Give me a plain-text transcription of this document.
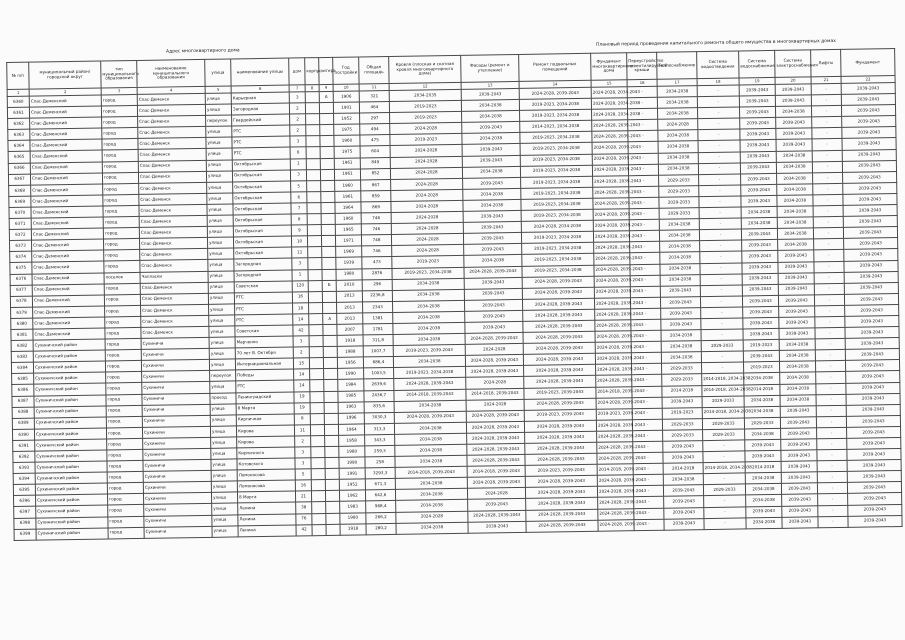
Адрес многоквартирного дома
Плановый период проведения капитального ремонта общего имущества в многоквартирных домах
№ п/п	муниципальный район/городской округ	тип муниципального образования	наименование муниципального образования	улица	наименование улицы	дом	корпус	литера	Год постройки	Общая площадь	Кровля (плоская и скатная кровля многоквартирного дома)	Фасады (ремонт и утепление)	Ремонт подвальных помещений	Фундамент многоквартирного дома	Переустройство невентилируемой крыши	Теплоснабжение	Система водоотведения	Система водоснабжения	Система электроснабжения	Лифты	Фундамент
1	2	3	4	5	6	7	8	9	10	11	12	13	14	15	16	17	18	19	20	21	22
6360	Спас-Деменский	город	Спас-Деменск	улица	Карьерная	3		А	1906	321	2034-2035	2039-2043	2024-2028, 2039-2043	2024-2028, 2034-2043	-	2034-2038	-	2039-2043	2039-2043	-	2039-2043
6361	Спас-Деменский	город	Спас-Деменск	улица	Загородная	2			1901	464	2019-2023	2034-2038	2019-2023, 2034-2038	2024-2028, 2034-2038	-	2034-2038	-	2039-2043	2039-2043	-	2039-2043
6362	Спас-Деменский	город	Спас-Деменск	переулок	Гвардейский	2			1952	297	2019-2023	2034-2038	2019-2023, 2034-2038	2024-2028, 2034-2038	-	2034-2038	-	2039-2043	2034-2038	-	2039-2043
6363	Спас-Деменский	город	Спас-Деменск	улица	РТС	2			1975	494	2024-2028	2039-2043	2014-2023, 2034-2038	2024-2028, 2039-2043	-	2024-2028	-	2039-2043	2039-2043	-	2039-2043
6364	Спас-Деменский	город	Спас-Деменск	улица	РТС	3			1960	475	2019-2023	2034-2038	2019-2023, 2034-2038	2024-2028, 2039-2043	-	2034-2038	-	2039-2043	2039-2043	-	2039-2043
6365	Спас-Деменский	город	Спас-Деменск	улица	РТС	6			1975	604	2024-2028	2039-2043	2019-2023, 2034-2038	2024-2028, 2039-2043	-	2034-2038	-	2039-2043	2039-2043	-	2039-2043
6366	Спас-Деменский	город	Спас-Деменск	улица	Октябрьская	1			1961	849	2024-2028	2039-2043	2019-2023, 2034-2038	2024-2028, 2039-2043	-	2034-2038	-	2039-2043	2034-2038	-	2039-2043
6367	Спас-Деменский	город	Спас-Деменск	улица	Октябрьская	3			1961	852	2024-2028	2034-2038	2019-2023, 2034-2038	2024-2028, 2039-2043	-	2034-2038	-	2039-2043	2034-2038	-	2039-2043
6368	Спас-Деменский	город	Спас-Деменск	улица	Октябрьская	5			1960	867	2024-2028	2039-2043	2019-2023, 2034-2038	2024-2028, 2039-2043	-	2029-2033	-	2039-2043	2034-2038	-	2039-2043
6369	Спас-Деменский	город	Спас-Деменск	улица	Октябрьская	6			1961	859	2024-2028	2034-2038	2019-2023, 2034-2038	2024-2028, 2039-2043	-	2029-2033	-	2039-2043	2034-2038	-	2039-2043
6370	Спас-Деменский	город	Спас-Деменск	улица	Октябрьская	7			1964	869	2024-2028	2034-2038	2019-2023, 2034-2038	2024-2028, 2039-2043	-	2029-2033	-	2039-2043	2034-2038	-	2039-2043
6371	Спас-Деменский	город	Спас-Деменск	улица	Октябрьская	8			1960	746	2024-2028	2039-2043	2019-2023, 2034-2038	2024-2028, 2039-2043	-	2029-2033	-	2034-2038	2034-2038	-	2039-2043
6372	Спас-Деменский	город	Спас-Деменск	улица	Октябрьская	9			1965	746	2024-2028	2039-2043	2024-2028, 2034-2038	2024-2028, 2039-2043	-	2034-2038	-	2034-2038	2034-2038	-	2039-2043
6373	Спас-Деменский	город	Спас-Деменск	улица	Октябрьская	10			1971	748	2024-2028	2039-2043	2019-2023, 2034-2038	2024-2028, 2039-2043	-	2034-2038	-	2039-2043	2034-2038	-	2039-2043
6374	Спас-Деменский	город	Спас-Деменск	улица	Октябрьская	11			1969	746	2024-2028	2039-2043	2019-2023, 2034-2038	2024-2028, 2039-2043	-	2034-2038	-	2039-2043	2034-2038	-	2039-2043
6375	Спас-Деменский	город	Спас-Деменск	улица	Загородная	3			1939	473	2019-2023	2034-2038	2019-2023, 2034-2038	2024-2028, 2039-2043	-	2034-2038	-	2039-2043	2039-2043	-	2039-2043
6376	Спас-Деменский	поселок	Чапласки	улица	Загородная	1			1980	2876	2019-2023, 2034-2038	2024-2028, 2039-2043	2019-2023, 2034-2038	2024-2028, 2039-2043	-	2034-2038	-	2039-2043	2039-2043	-	2039-2043
6377	Спас-Деменский	город	Спас-Деменск	улица	Советская	120		Б	2010	296	2034-2038	2039-2043	2024-2028, 2039-2043	2024-2028, 2039-2043	-	2034-2038	-	2039-2043	2039-2043	-	2039-2043
6378	Спас-Деменский	город	Спас-Деменск	улица	РТС	16			2013	2236,8	2034-2038	2039-2043	2024-2028, 2039-2043	2024-2028, 2039-2043	-	2039-2043	-	2039-2043	2039-2043	-	2039-2043
6379	Спас-Деменский	город	Спас-Деменск	улица	РТС	18			2013	2343	2034-2038	2039-2043	2024-2028, 2039-2043	2024-2028, 2039-2043	-	2039-2043	-	2039-2043	2039-2043	-	2039-2043
6380	Спас-Деменский	город	Спас-Деменск	улица	РТС	14		А	2013	1381	2034-2038	2039-2043	2024-2028, 2039-2043	2024-2028, 2039-2043	-	2039-2043	-	2039-2043	2039-2043	-	2039-2043
6381	Спас-Деменский	город	Спас-Деменск	улица	Советская	42			2007	1781	2034-2038	2039-2043	2024-2028, 2039-2043	2024-2028, 2039-2043	-	2039-2043	-	2039-2043	2039-2043	-	2039-2043
6382	Сухиничский район	город	Сухиничи	улица	Марченко	3			1918	311,8	2034-2038	2024-2028, 2039-2043	2024-2028, 2039-2043	2024-2028, 2039-2043	-	2034-2038	-	2039-2043	2039-2043	-	2039-2043
6383	Сухиничский район	город	Сухиничи	улица	70 лет В. Октября	2			1988	1007,7	2019-2023, 2039-2043	2024-2028	2024-2028, 2039-2043	2024-2028, 2039-2043	-	2034-2038	2029-2033	2019-2023	2034-2038	-	2039-2043
6384	Сухиничский район	город	Сухиничи	улица	Интернациональная	15			1956	686,4	2034-2038	2024-2028, 2039-2043	2024-2028, 2039-2043	2024-2028, 2039-2043	-	2034-2038	-	2039-2043	2034-2038	-	2039-2043
6385	Сухиничский район	город	Сухиничи	переулок	Победы	14			1990	1003,5	2019-2023, 2034-2038	2024-2028, 2039-2043	2024-2028, 2039-2043	2024-2028, 2039-2043	-	2029-2033	-	2019-2023	2034-2038	-	2039-2043
6386	Сухиничский район	город	Сухиничи	улица	РТС	14			1984	2639,6	2024-2028, 2039-2043	2024-2028	2024-2028, 2039-2043	2024-2028, 2039-2043	-	2029-2033	2014-2018, 2034-2038	2034-2038	2034-2038	-	2039-2043
6387	Сухиничский район	город	Сухиничи	проезд	Ленинградский	19			1985	2436,7	2014-2018, 2039-2043	2014-2018, 2039-2043	2019-2023, 2039-2043	2014-2018, 2039-2043	-	2014-2018	2014-2018, 2034-2038	2014-2018	2034-2038	-	2039-2043
6388	Сухиничский район	город	Сухиничи	улица	8 Марта	19			1963	835,6	2034-2038	2024-2028	2024-2028, 2039-2043	2024-2028, 2039-2043	-	2039-2043	2029-2033	2034-2038	2034-2038	-	2039-2043
6389	Сухиничский район	город	Сухиничи	улица	Кирпичная	8			1996	3030,3	2024-2028, 2039-2043	2024-2028, 2039-2043	2019-2023, 2039-2043	2019-2023, 2039-2043	-	2019-2023	2014-2018, 2034-2038	2034-2038	2039-2043	-	2039-2043
6390	Сухиничский район	город	Сухиничи	улица	Кирова	11			1964	313,3	2034-2038	2024-2028, 2039-2043	2024-2028, 2039-2043	2024-2028, 2039-2043	-	2029-2033	2029-2033	2029-2033	2039-2043	-	2039-2043
6391	Сухиничский район	город	Сухиничи	улица	Кирова	2			1958	343,3	2034-2038	2024-2028, 2039-2043	2024-2028, 2039-2043	2024-2028, 2039-2043	-	2029-2033	2029-2033	2034-2038	2039-2043	-	2039-2043
6392	Сухиничский район	город	Сухиничи	улица	Кирпичного	3			1980	259,3	2034-2038	2024-2028, 2039-2043	2024-2028, 2039-2043	2024-2028, 2039-2043	-	2039-2043	-	2039-2043	2039-2043	-	2039-2043
6393	Сухиничский район	город	Сухиничи	улица	Котовского	3			1990	258	2034-2038	2024-2028, 2039-2043	2024-2028, 2039-2043	2024-2028, 2039-2043	-	2039-2043	-	2039-2043	2039-2043	-	2039-2043
6394	Сухиничский район	город	Сухиничи	улица	Ломоносова	5			1991	3293,3	2014-2018, 2039-2043	2014-2018, 2039-2043	2019-2023, 2039-2043	2014-2018, 2039-2043	-	2014-2018	2014-2018, 2034-2038	2014-2018	2039-2043	-	2039-2043
6395	Сухиничский район	город	Сухиничи	улица	Ломоносова	16			1952	671,3	2034-2038	2024-2028, 2039-2043	2024-2028, 2039-2043	2024-2028, 2039-2043	-	2034-2038	-	2034-2038	2039-2043	-	2039-2043
6396	Сухиничский район	город	Сухиничи	улица	8 Марта	21			1962	642,6	2034-2038	2024-2028	2024-2028, 2039-2043	2024-2028, 2039-2043	-	2039-2043	2029-2033	2034-2038	2039-2043	-	2039-2043
6397	Сухиничский район	город	Сухиничи	улица	Ленина	38			1983	968,4	2034-2038	2039-2043	2024-2028, 2039-2043	2024-2028, 2039-2043	-	2039-2043	-	2034-2038	2039-2043	-	2039-2043
6398	Сухиничский район	город	Сухиничи	улица	Ленина	76			1980	266,2	2024-2028	2024-2028, 2039-2043	2024-2028, 2039-2043	2024-2028, 2039-2043	-	2039-2043	-	2039-2043	2039-2043	-	2039-2043
6399	Сухиничский район	город	Сухиничи	улица	Ленина	42			1918	280,2	2034-2038	2039-2043	2024-2028, 2039-2043	2024-2028, 2039-2043	-	2039-2043	-	2034-2038	2039-2043	-	2039-2043
